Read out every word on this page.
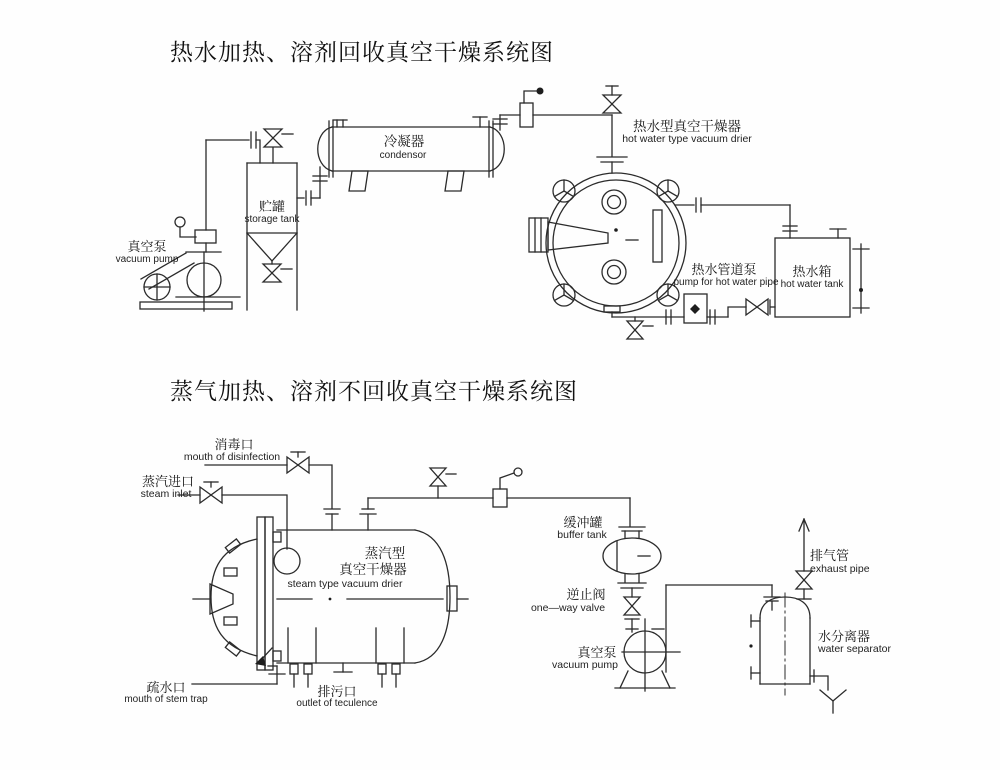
热水加热、溶剂回收真空干燥系统图
真空泵
vacuum pump
贮罐
storage tank
冷凝器
condensor
热水型真空干燥器
hot water type vacuum drier
热水箱
hot water tank
热水管道泵
pump for hot water pipe
蒸气加热、溶剂不回收真空干燥系统图
消毒口
mouth of disinfection
蒸汽进口
steam inlet
蒸汽型
真空干燥器
steam type vacuum drier
疏水口
mouth of stem trap
排污口
outlet of teculence
缓冲罐
buffer tank
逆止阀
one—way valve
真空泵
vacuum pump
水分离器
water separator
排气管
exhaust pipe
